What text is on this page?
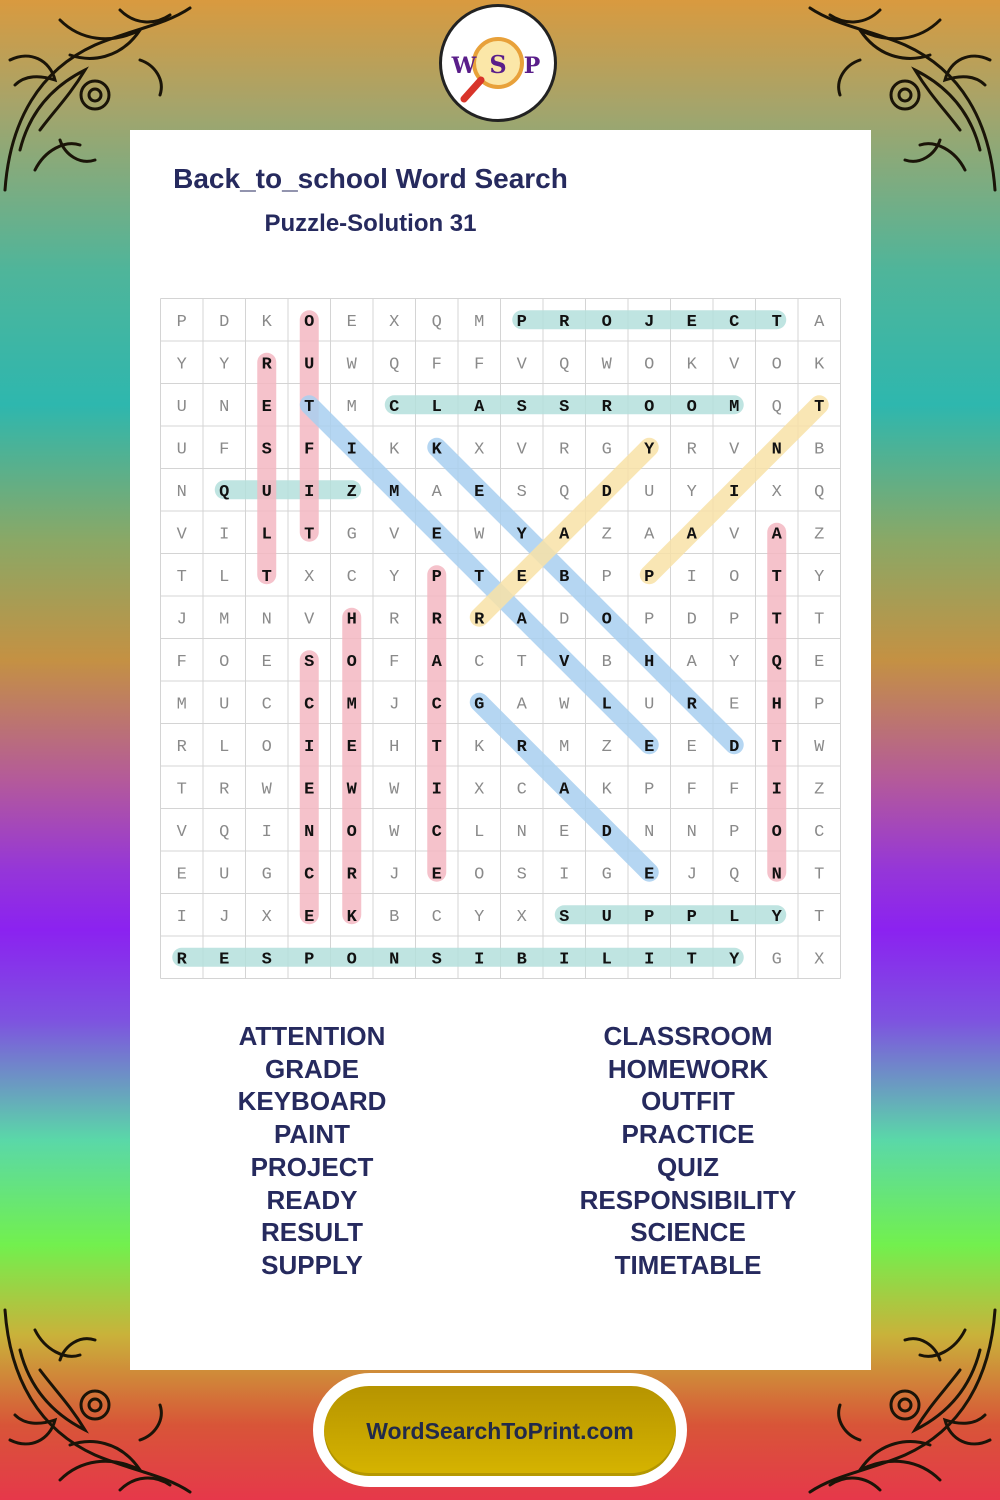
W S P
Back_to_school Word Search
Puzzle-Solution 31
P D K O E X Q M P R O J E C T A
Y Y R U W Q F F V Q W O K V O K
U N E T M C L A S S R O O M Q T
U F S F I K K X V R G Y R V N B
N Q U I Z M A E S Q D U Y I X Q
V I L T G V E W Y A Z A A V A Z
T L T X C Y P T E B P P I O T Y
J M N V H R R R A D O P D P T T
F O E S O F A C T V B H A Y Q E
M U C C M J C G A W L U R E H P
R L O I E H T K R M Z E E D T W
T R W E W W I X C A K P F F I Z
V Q I N O W C L N E D N N P O C
E U G C R J E O S I G E J Q N T
I J X E K B C Y X S U P P L Y T
R E S P O N S I B I L I T Y G X
ATTENTION
GRADE
KEYBOARD
PAINT
PROJECT
READY
RESULT
SUPPLY
CLASSROOM
HOMEWORK
OUTFIT
PRACTICE
QUIZ
RESPONSIBILITY
SCIENCE
TIMETABLE
WordSearchToPrint.com
